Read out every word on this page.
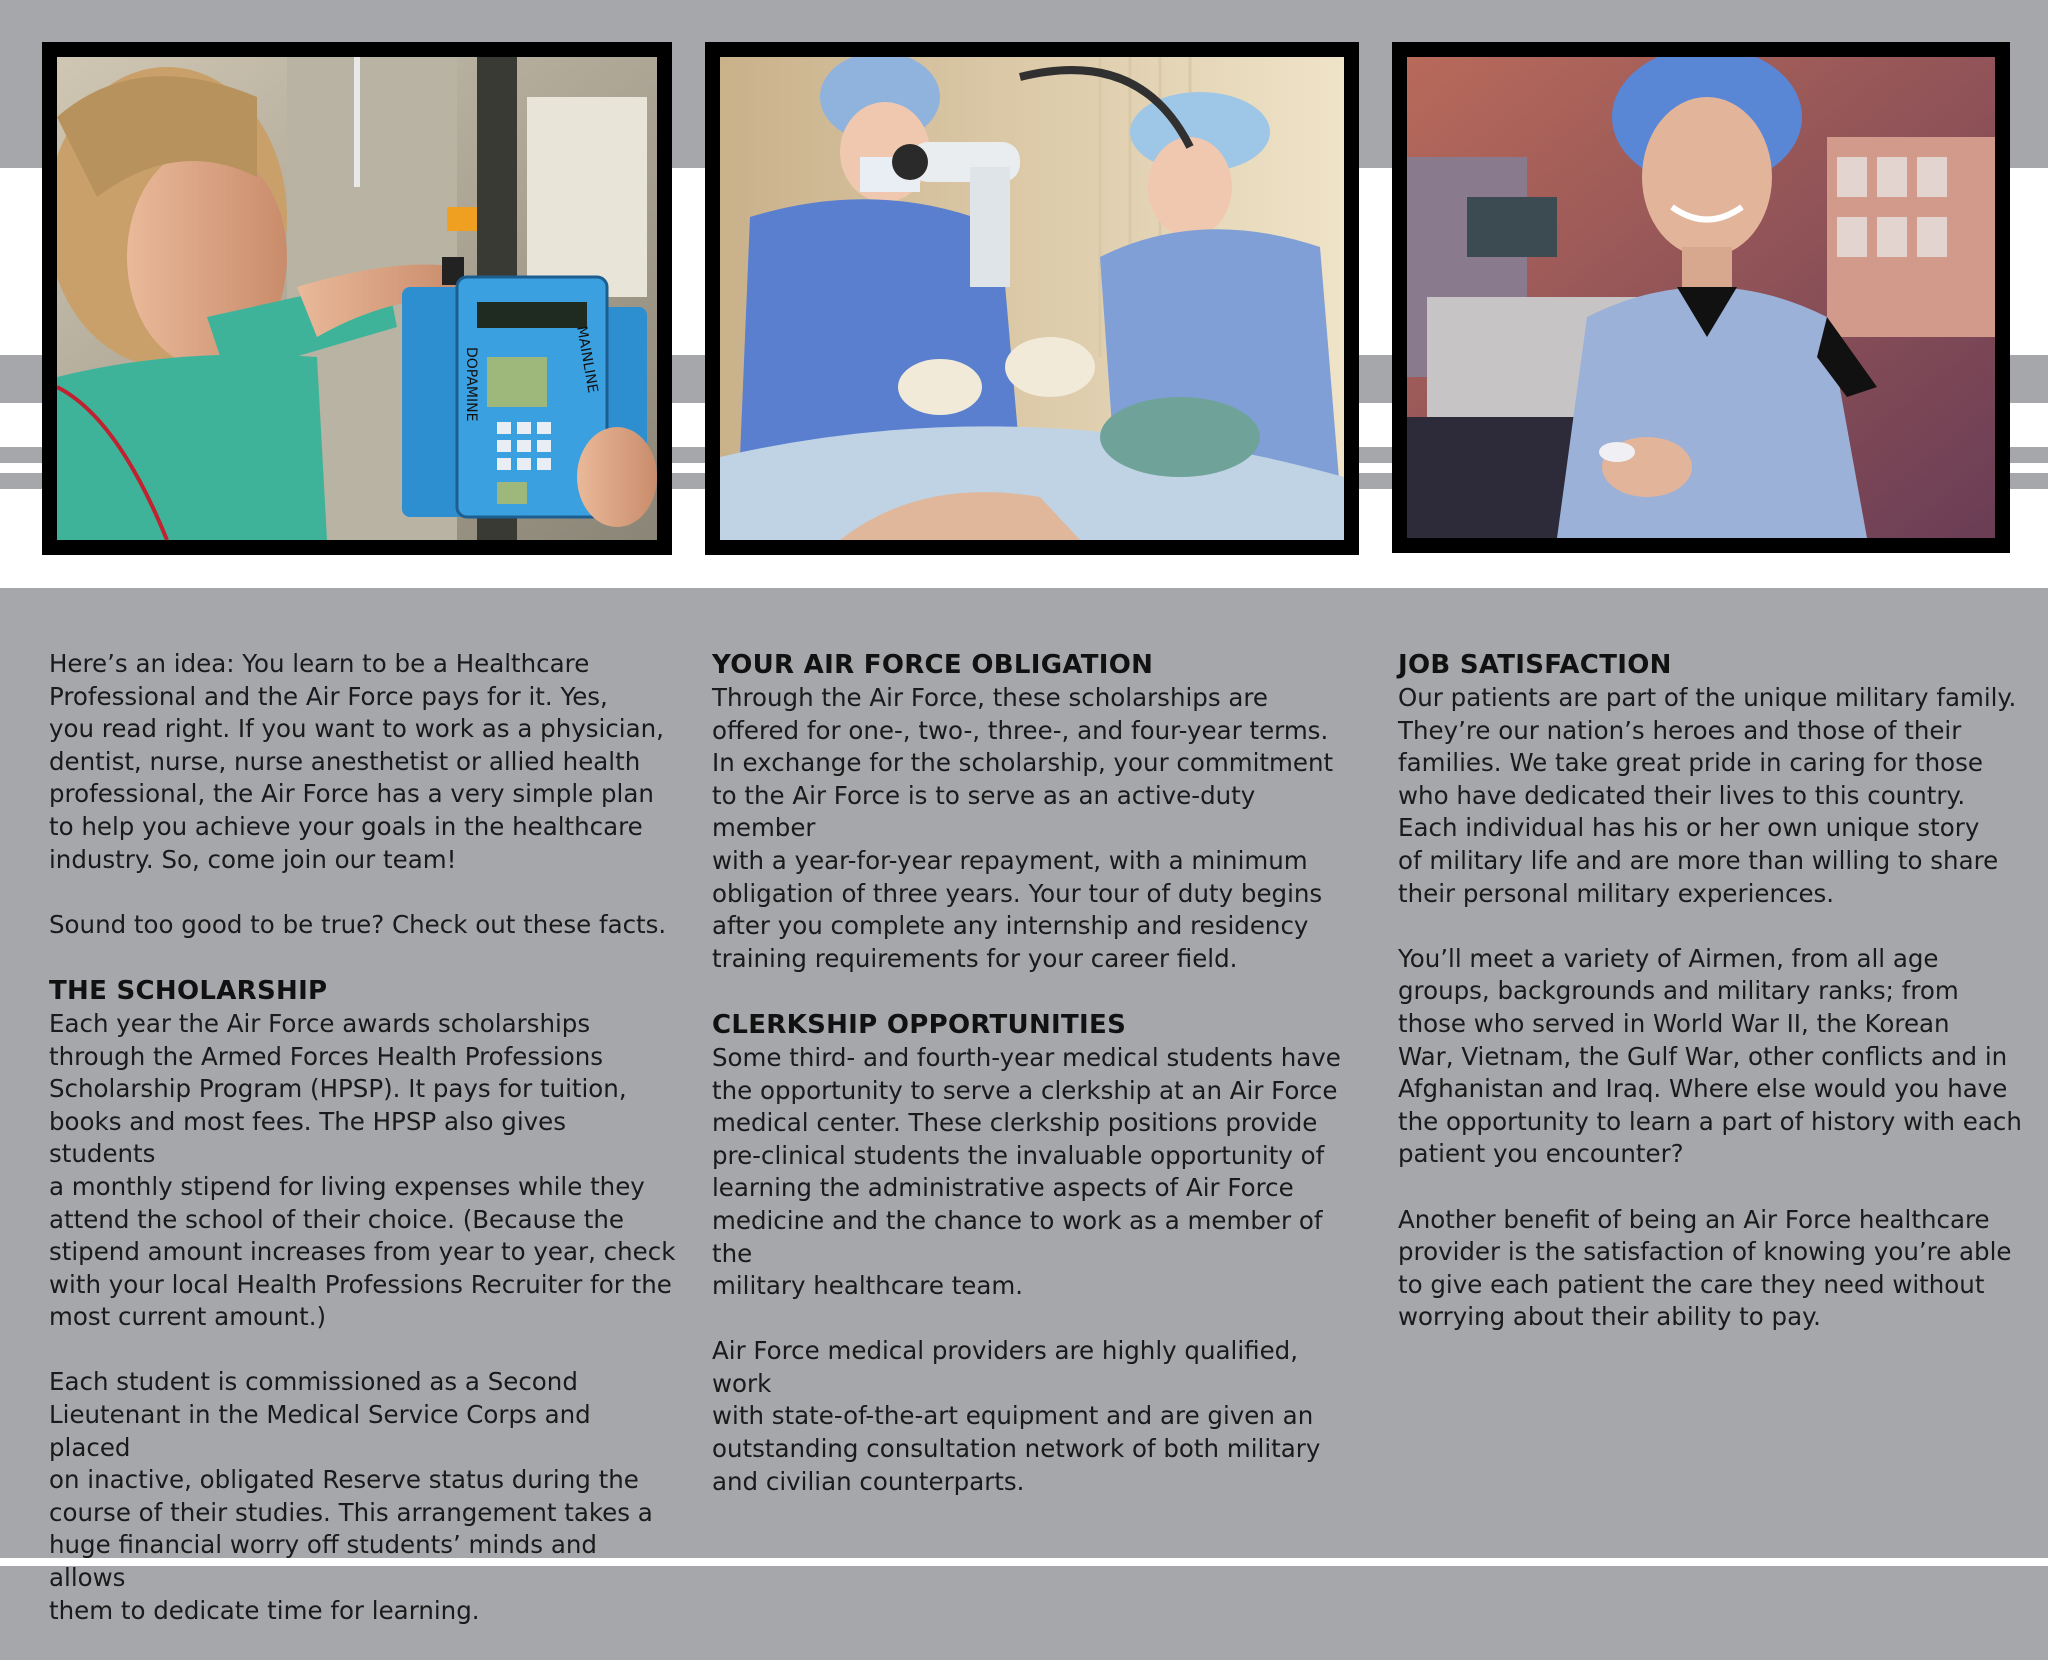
DOPAMINE	MAINLINE

Here’s an idea: You learn to be a Healthcare
Professional and the Air Force pays for it. Yes,
you read right. If you want to work as a physician,
dentist, nurse, nurse anesthetist or allied health
professional, the Air Force has a very simple plan
to help you achieve your goals in the healthcare
industry. So, come join our team!

Sound too good to be true? Check out these facts.

THE SCHOLARSHIP

Each year the Air Force awards scholarships
through the Armed Forces Health Professions
Scholarship Program (HPSP). It pays for tuition,
books and most fees. The HPSP also gives students
a monthly stipend for living expenses while they
attend the school of their choice. (Because the
stipend amount increases from year to year, check
with your local Health Professions Recruiter for the
most current amount.)

Each student is commissioned as a Second
Lieutenant in the Medical Service Corps and placed
on inactive, obligated Reserve status during the
course of their studies. This arrangement takes a
huge financial worry off students’ minds and allows
them to dedicate time for learning.

YOUR AIR FORCE OBLIGATION

Through the Air Force, these scholarships are
offered for one-, two-, three-, and four-year terms.
In exchange for the scholarship, your commitment
to the Air Force is to serve as an active-duty member
with a year-for-year repayment, with a minimum
obligation of three years. Your tour of duty begins
after you complete any internship and residency
training requirements for your career field.

CLERKSHIP OPPORTUNITIES

Some third- and fourth-year medical students have
the opportunity to serve a clerkship at an Air Force
medical center. These clerkship positions provide
pre-clinical students the invaluable opportunity of
learning the administrative aspects of Air Force
medicine and the chance to work as a member of the
military healthcare team.

Air Force medical providers are highly qualified, work
with state-of-the-art equipment and are given an
outstanding consultation network of both military
and civilian counterparts.

JOB SATISFACTION

Our patients are part of the unique military family.
They’re our nation’s heroes and those of their
families. We take great pride in caring for those
who have dedicated their lives to this country.
Each individual has his or her own unique story
of military life and are more than willing to share
their personal military experiences.

You’ll meet a variety of Airmen, from all age
groups, backgrounds and military ranks; from
those who served in World War II, the Korean
War, Vietnam, the Gulf War, other conflicts and in
Afghanistan and Iraq. Where else would you have
the opportunity to learn a part of history with each
patient you encounter?

Another benefit of being an Air Force healthcare
provider is the satisfaction of knowing you’re able
to give each patient the care they need without
worrying about their ability to pay.
